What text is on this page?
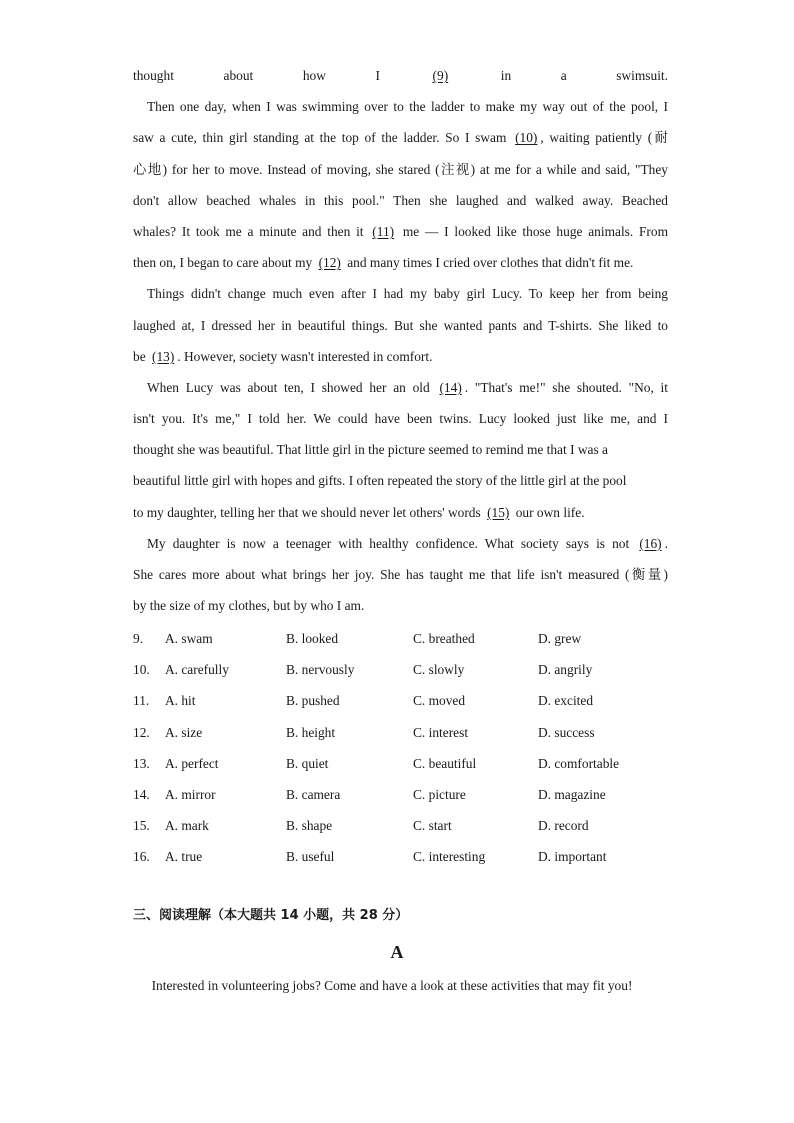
thought about how I (9) in a swimsuit.
Then one day, when I was swimming over to the ladder to make my way out of the pool, I
saw a cute, thin girl standing at the top of the ladder. So I swam (10) , waiting patiently (耐
心地) for her to move. Instead of moving, she stared (注视) at me for a while and said, "They
don't allow beached whales in this pool." Then she laughed and walked away. Beached
whales? It took me a minute and then it (11) me — I looked like those huge animals. From
then on, I began to care about my (12) and many times I cried over clothes that didn't fit me.
Things didn't change much even after I had my baby girl Lucy. To keep her from being
laughed at, I dressed her in beautiful things. But she wanted pants and T-shirts. She liked to
be (13) . However, society wasn't interested in comfort.
When Lucy was about ten, I showed her an old (14) . "That's me!" she shouted. "No, it
isn't you. It's me," I told her. We could have been twins. Lucy looked just like me, and I
thought she was beautiful. That little girl in the picture seemed to remind me that I was a
beautiful little girl with hopes and gifts. I often repeated the story of the little girl at the pool
to my daughter, telling her that we should never let others' words (15) our own life.
My daughter is now a teenager with healthy confidence. What society says is not (16) .
She cares more about what brings her joy. She has taught me that life isn't measured (衡量)
by the size of my clothes, but by who I am.
9. A. swam	B. looked	C. breathed	D. grew
10. A. carefully	B. nervously	C. slowly	D. angrily
11. A. hit	B. pushed	C. moved	D. excited
12. A. size	B. height	C. interest	D. success
13. A. perfect	B. quiet	C. beautiful	D. comfortable
14. A. mirror	B. camera	C. picture	D. magazine
15. A. mark	B. shape	C. start	D. record
16. A. true	B. useful	C. interesting	D. important
三、阅读理解（本大题共 14 小题，共 28 分）
A
Interested in volunteering jobs? Come and have a look at these activities that may fit you!
